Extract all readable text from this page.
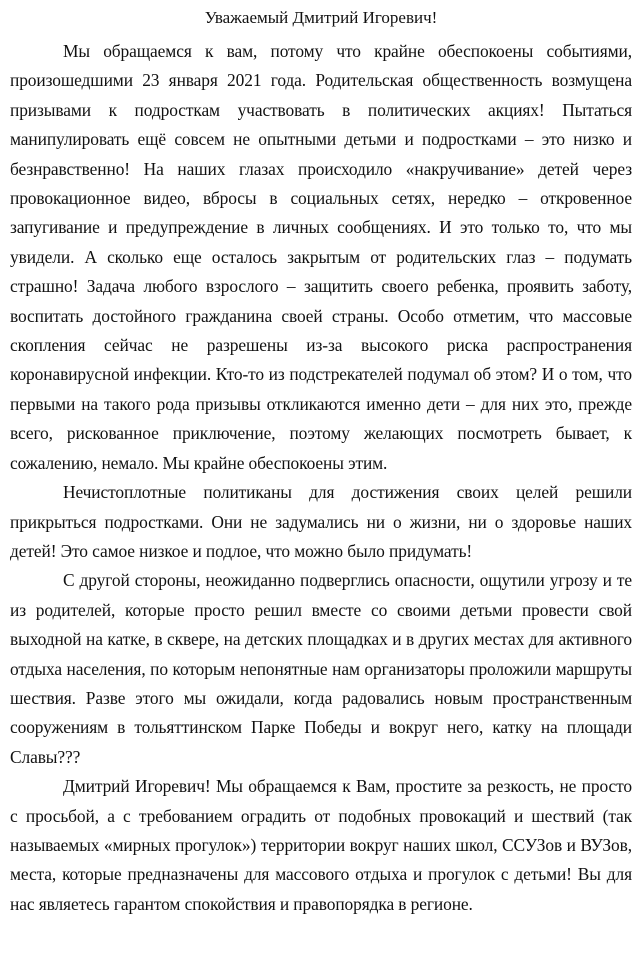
Уважаемый Дмитрий Игоревич!

Мы обращаемся к вам, потому что крайне обеспокоены событиями, произошедшими 23 января 2021 года. Родительская общественность возмущена призывами к подросткам участвовать в политических акциях! Пытаться манипулировать ещё совсем не опытными детьми и подростками – это низко и безнравственно! На наших глазах происходило «накручивание» детей через провокационное видео, вбросы в социальных сетях, нередко – откровенное запугивание и предупреждение в личных сообщениях. И это только то, что мы увидели. А сколько еще осталось закрытым от родительских глаз – подумать страшно! Задача любого взрослого – защитить своего ребенка, проявить заботу, воспитать достойного гражданина своей страны. Особо отметим, что массовые скопления сейчас не разрешены из-за высокого риска распространения коронавирусной инфекции. Кто-то из подстрекателей подумал об этом? И о том, что первыми на такого рода призывы откликаются именно дети – для них это, прежде всего, рискованное приключение, поэтому желающих посмотреть бывает, к сожалению, немало. Мы крайне обеспокоены этим.

Нечистоплотные политиканы для достижения своих целей решили прикрыться подростками. Они не задумались ни о жизни, ни о здоровье наших детей! Это самое низкое и подлое, что можно было придумать!

С другой стороны, неожиданно подверглись опасности, ощутили угрозу и те из родителей, которые просто решил вместе со своими детьми провести свой выходной на катке, в сквере, на детских площадках и в других местах для активного отдыха населения, по которым непонятные нам организаторы проложили маршруты шествия. Разве этого мы ожидали, когда радовались новым пространственным сооружениям в тольяттинском Парке Победы и вокруг него, катку на площади Славы???

Дмитрий Игоревич! Мы обращаемся к Вам, простите за резкость, не просто с просьбой, а с требованием оградить от подобных провокаций и шествий (так называемых «мирных прогулок») территории вокруг наших школ, ССУЗов и ВУЗов, места, которые предназначены для массового отдыха и прогулок с детьми! Вы для нас являетесь гарантом спокойствия и правопорядка в регионе.
